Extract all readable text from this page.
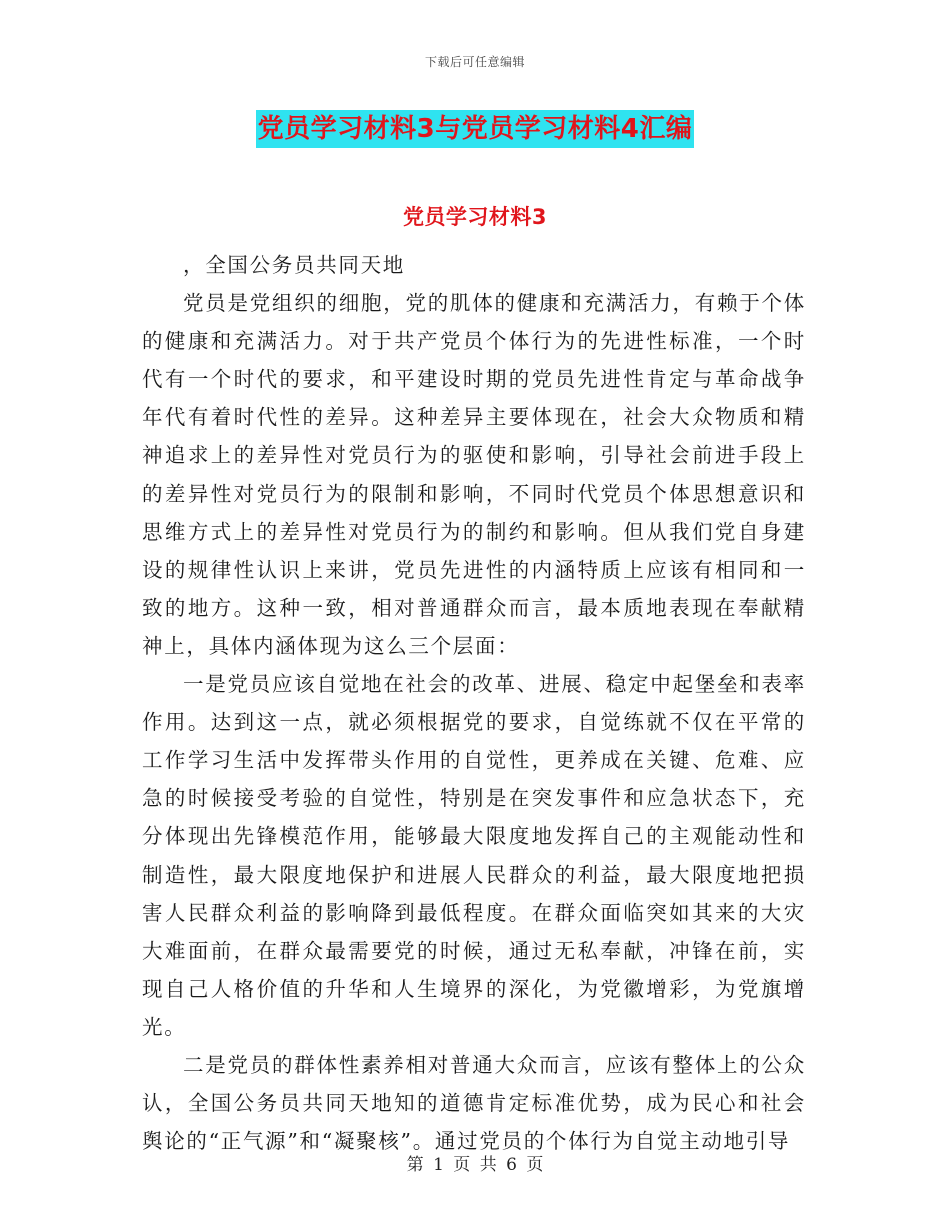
下载后可任意编辑
党员学习材料3与党员学习材料4汇编
党员学习材料3

，全国公务员共同天地

党员是党组织的细胞，党的肌体的健康和充满活力，有赖于个体的健康和充满活力。对于共产党员个体行为的先进性标准，一个时代有一个时代的要求，和平建设时期的党员先进性肯定与革命战争年代有着时代性的差异。这种差异主要体现在，社会大众物质和精神追求上的差异性对党员行为的驱使和影响，引导社会前进手段上的差异性对党员行为的限制和影响，不同时代党员个体思想意识和思维方式上的差异性对党员行为的制约和影响。但从我们党自身建设的规律性认识上来讲，党员先进性的内涵特质上应该有相同和一致的地方。这种一致，相对普通群众而言，最本质地表现在奉献精神上，具体内涵体现为这么三个层面：

一是党员应该自觉地在社会的改革、进展、稳定中起堡垒和表率作用。达到这一点，就必须根据党的要求，自觉练就不仅在平常的工作学习生活中发挥带头作用的自觉性，更养成在关键、危难、应急的时候接受考验的自觉性，特别是在突发事件和应急状态下，充分体现出先锋模范作用，能够最大限度地发挥自己的主观能动性和制造性，最大限度地保护和进展人民群众的利益，最大限度地把损害人民群众利益的影响降到最低程度。在群众面临突如其来的大灾大难面前，在群众最需要党的时候，通过无私奉献，冲锋在前，实现自己人格价值的升华和人生境界的深化，为党徽增彩，为党旗增光。

二是党员的群体性素养相对普通大众而言，应该有整体上的公众认，全国公务员共同天地知的道德肯定标准优势，成为民心和社会舆论的“正气源”和“凝聚核”。通过党员的个体行为自觉主动地引导

第 1 页 共 6 页
